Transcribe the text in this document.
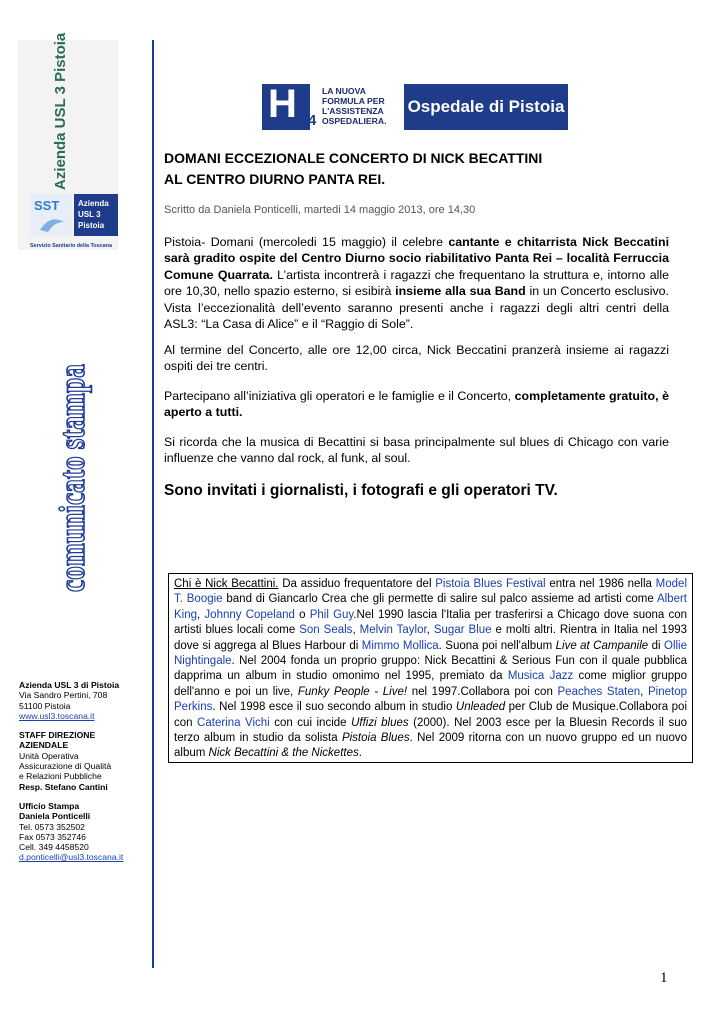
Azienda USL 3 Pistoia
SST Azienda
USL 3
Pistoia
Servizio Sanitario della Toscana
comunicato stampa
Azienda USL 3 di Pistoia
Via Sandro Pertini, 708
51100 Pistoia
www.usl3.toscana.it
STAFF DIREZIONE
AZIENDALE
Unità Operativa
Assicurazione di Qualità
e Relazioni Pubbliche
Resp. Stefano Cantini
Ufficio Stampa
Daniela Ponticelli
Tel. 0573 352502
Fax 0573 352746
Cell. 349 4458520
d.ponticelli@usl3.toscana.it
H 4
LA NUOVA FORMULA PER L'ASSISTENZA OSPEDALIERA.
Ospedale di Pistoia
DOMANI ECCEZIONALE CONCERTO DI NICK BECATTINI
AL CENTRO DIURNO PANTA REI.
Scritto da Daniela Ponticelli, martedi 14 maggio 2013, ore 14,30
Pistoia- Domani (mercoledi 15 maggio) il celebre cantante e chitarrista Nick Beccatini sarà gradito ospite del Centro Diurno socio riabilitativo Panta Rei – località Ferruccia Comune Quarrata. L’artista incontrerà i ragazzi che frequentano la struttura e, intorno alle ore 10,30, nello spazio esterno, si esibirà insieme alla sua Band in un Concerto esclusivo. Vista l’eccezionalità dell’evento saranno presenti anche i ragazzi degli altri centri della ASL3: “La Casa di Alice” e il “Raggio di Sole”.
Al termine del Concerto, alle ore 12,00 circa, Nick Beccatini pranzerà insieme ai ragazzi ospiti dei tre centri.
Partecipano all’iniziativa gli operatori e le famiglie e il Concerto, completamente gratuito, è aperto a tutti.
Si ricorda che la musica di Becattini si basa principalmente sul blues di Chicago con varie influenze che vanno dal rock, al funk, al soul.
Sono invitati i giornalisti, i fotografi e gli operatori TV.
Chi è Nick Becattini. Da assiduo frequentatore del Pistoia Blues Festival entra nel 1986 nella Model T. Boogie band di Giancarlo Crea che gli permette di salire sul palco assieme ad artisti come Albert King, Johnny Copeland o Phil Guy.Nel 1990 lascia l'Italia per trasferirsi a Chicago dove suona con artisti blues locali come Son Seals, Melvin Taylor, Sugar Blue e molti altri. Rientra in Italia nel 1993 dove si aggrega al Blues Harbour di Mimmo Mollica. Suona poi nell'album Live at Campanile di Ollie Nightingale. Nel 2004 fonda un proprio gruppo: Nick Becattini & Serious Fun con il quale pubblica dapprima un album in studio omonimo nel 1995, premiato da Musica Jazz come miglior gruppo dell'anno e poi un live, Funky People - Live! nel 1997.Collabora poi con Peaches Staten, Pinetop Perkins. Nel 1998 esce il suo secondo album in studio Unleaded per Club de Musique.Collabora poi con Caterina Vichi con cui incide Uffizi blues (2000). Nel 2003 esce per la Bluesin Records il suo terzo album in studio da solista Pistoia Blues. Nel 2009 ritorna con un nuovo gruppo ed un nuovo album Nick Becattini & the Nickettes.
1
